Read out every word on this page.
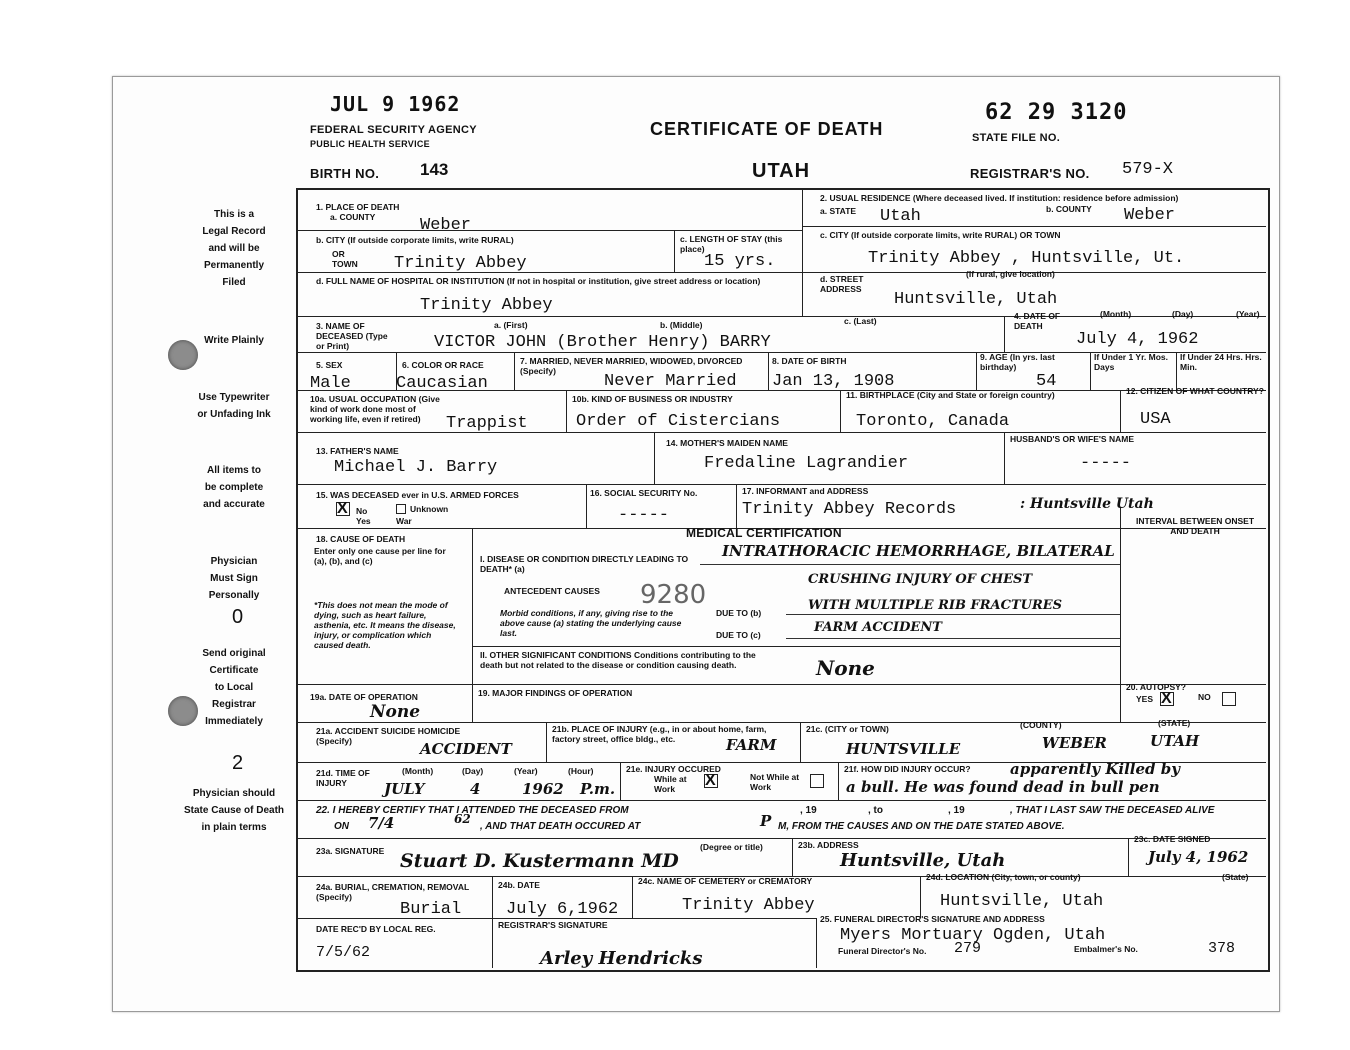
JUL 9 1962
FEDERAL SECURITY AGENCY
PUBLIC HEALTH SERVICE
CERTIFICATE OF DEATH
62 29 3120
STATE FILE NO.
BIRTH NO. 143	UTAH	REGISTRAR'S NO. 579-X
This is a
Legal Record
and will be
Permanently
Filed
Write Plainly
Use Typewriter
or Unfading Ink
All items to
be complete
and accurate
Physician
Must Sign
Personally
0
Send original
Certificate
to Local
Registrar
Immediately
2
Physician should
State Cause of Death
in plain terms
1. PLACE OF DEATH
a. COUNTY	Weber
2. USUAL RESIDENCE (Where deceased lived. If institution: residence before admission)
a. STATE Utah	b. COUNTY Weber
b. CITY (If outside corporate limits, write RURAL)
OR TOWN Trinity Abbey
c. LENGTH OF STAY (this place)
15 yrs.
c. CITY (If outside corporate limits, write RURAL) OR TOWN
Trinity Abbey , Huntsville, Ut.
d. FULL NAME OF HOSPITAL OR INSTITUTION (If not in hospital or institution, give street address or location)
Trinity Abbey
d. STREET ADDRESS
(If rural, give location)
Huntsville, Utah
3. NAME OF DECEASED (Type or Print)
a. (First)	b. (Middle)	c. (Last)
VICTOR JOHN (Brother Henry) BARRY
4. DATE OF DEATH
(Month)	(Day)	(Year)
July 4, 1962
5. SEX
Male
6. COLOR OR RACE
Caucasian
7. MARRIED, NEVER MARRIED, WIDOWED, DIVORCED (Specify)
Never Married
8. DATE OF BIRTH
Jan 13, 1908
9. AGE (In yrs. last birthday)
54
If Under 1 Yr. Mos. Days
If Under 24 Hrs. Hrs. Min.
10a. USUAL OCCUPATION (Give kind of work done most of working life, even if retired)	Trappist
10b. KIND OF BUSINESS OR INDUSTRY
Order of Cistercians
11. BIRTHPLACE (City and State or foreign country)
Toronto, Canada
12. CITIZEN OF WHAT COUNTRY?
USA
13. FATHER'S NAME
Michael J. Barry
14. MOTHER'S MAIDEN NAME
Fredaline Lagrandier
HUSBAND'S OR WIFE'S NAME
-----
15. WAS DECEASED ever in U.S. ARMED FORCES
X No	Unknown
Yes	War
16. SOCIAL SECURITY No.
-----
17. INFORMANT and ADDRESS
Trinity Abbey Records	: Huntsville Utah
MEDICAL CERTIFICATION
INTERVAL BETWEEN ONSET AND DEATH
18. CAUSE OF DEATH
Enter only one cause per line for (a), (b), and (c)
*This does not mean the mode of dying, such as heart failure, asthenia, etc. It means the disease, injury, or complication which caused death.
I. DISEASE OR CONDITION DIRECTLY LEADING TO DEATH* (a)
INTRATHORACIC HEMORRHAGE, BILATERAL
ANTECEDENT CAUSES 9280
CRUSHING INJURY OF CHEST
Morbid conditions, if any, giving rise to the above cause (a) stating the underlying cause last.
DUE TO (b)	WITH MULTIPLE RIB FRACTURES
DUE TO (c)	FARM ACCIDENT
II. OTHER SIGNIFICANT CONDITIONS Conditions contributing to the death but not related to the disease or condition causing death.	None
19a. DATE OF OPERATION
None
19. MAJOR FINDINGS OF OPERATION
20. AUTOPSY?
YES X	NO
21a. ACCIDENT SUICIDE HOMICIDE (Specify)	ACCIDENT
21b. PLACE OF INJURY (e.g., in or about home, farm, factory street, office bldg., etc.	FARM
21c. (CITY or TOWN)	(COUNTY)	(STATE)
HUNTSVILLE	WEBER	UTAH
21d. TIME OF INJURY
(Month)	(Day)	(Year)	(Hour)
JULY	4	1962 P.m.
21e. INJURY OCCURED
While at Work	X	Not While at Work
21f. HOW DID INJURY OCCUR?	apparently Killed by
a bull. He was found dead in bull pen
22. I HEREBY CERTIFY THAT I ATTENDED THE DECEASED FROM	, 19	, to	, 19	, THAT I LAST SAW THE DECEASED ALIVE
ON 7/4	62
, AND THAT DEATH OCCURED AT	P M, FROM THE CAUSES AND ON THE DATE STATED ABOVE.
23a. SIGNATURE Stuart D. Kustermann MD
(Degree or title)	23b. ADDRESS
Huntsville, Utah
23c. DATE SIGNED
July 4, 1962
24a. BURIAL, CREMATION, REMOVAL (Specify)
Burial
24b. DATE
July 6,1962
24c. NAME OF CEMETERY or CREMATORY
Trinity Abbey
24d. LOCATION (City, town, or county)	(State)
Huntsville, Utah
DATE REC'D BY LOCAL REG.
7/5/62
REGISTRAR'S SIGNATURE
Arley Hendricks
25. FUNERAL DIRECTOR'S SIGNATURE AND ADDRESS
Myers Mortuary Ogden, Utah
Funeral Director's No. 279	Embalmer's No.	378
